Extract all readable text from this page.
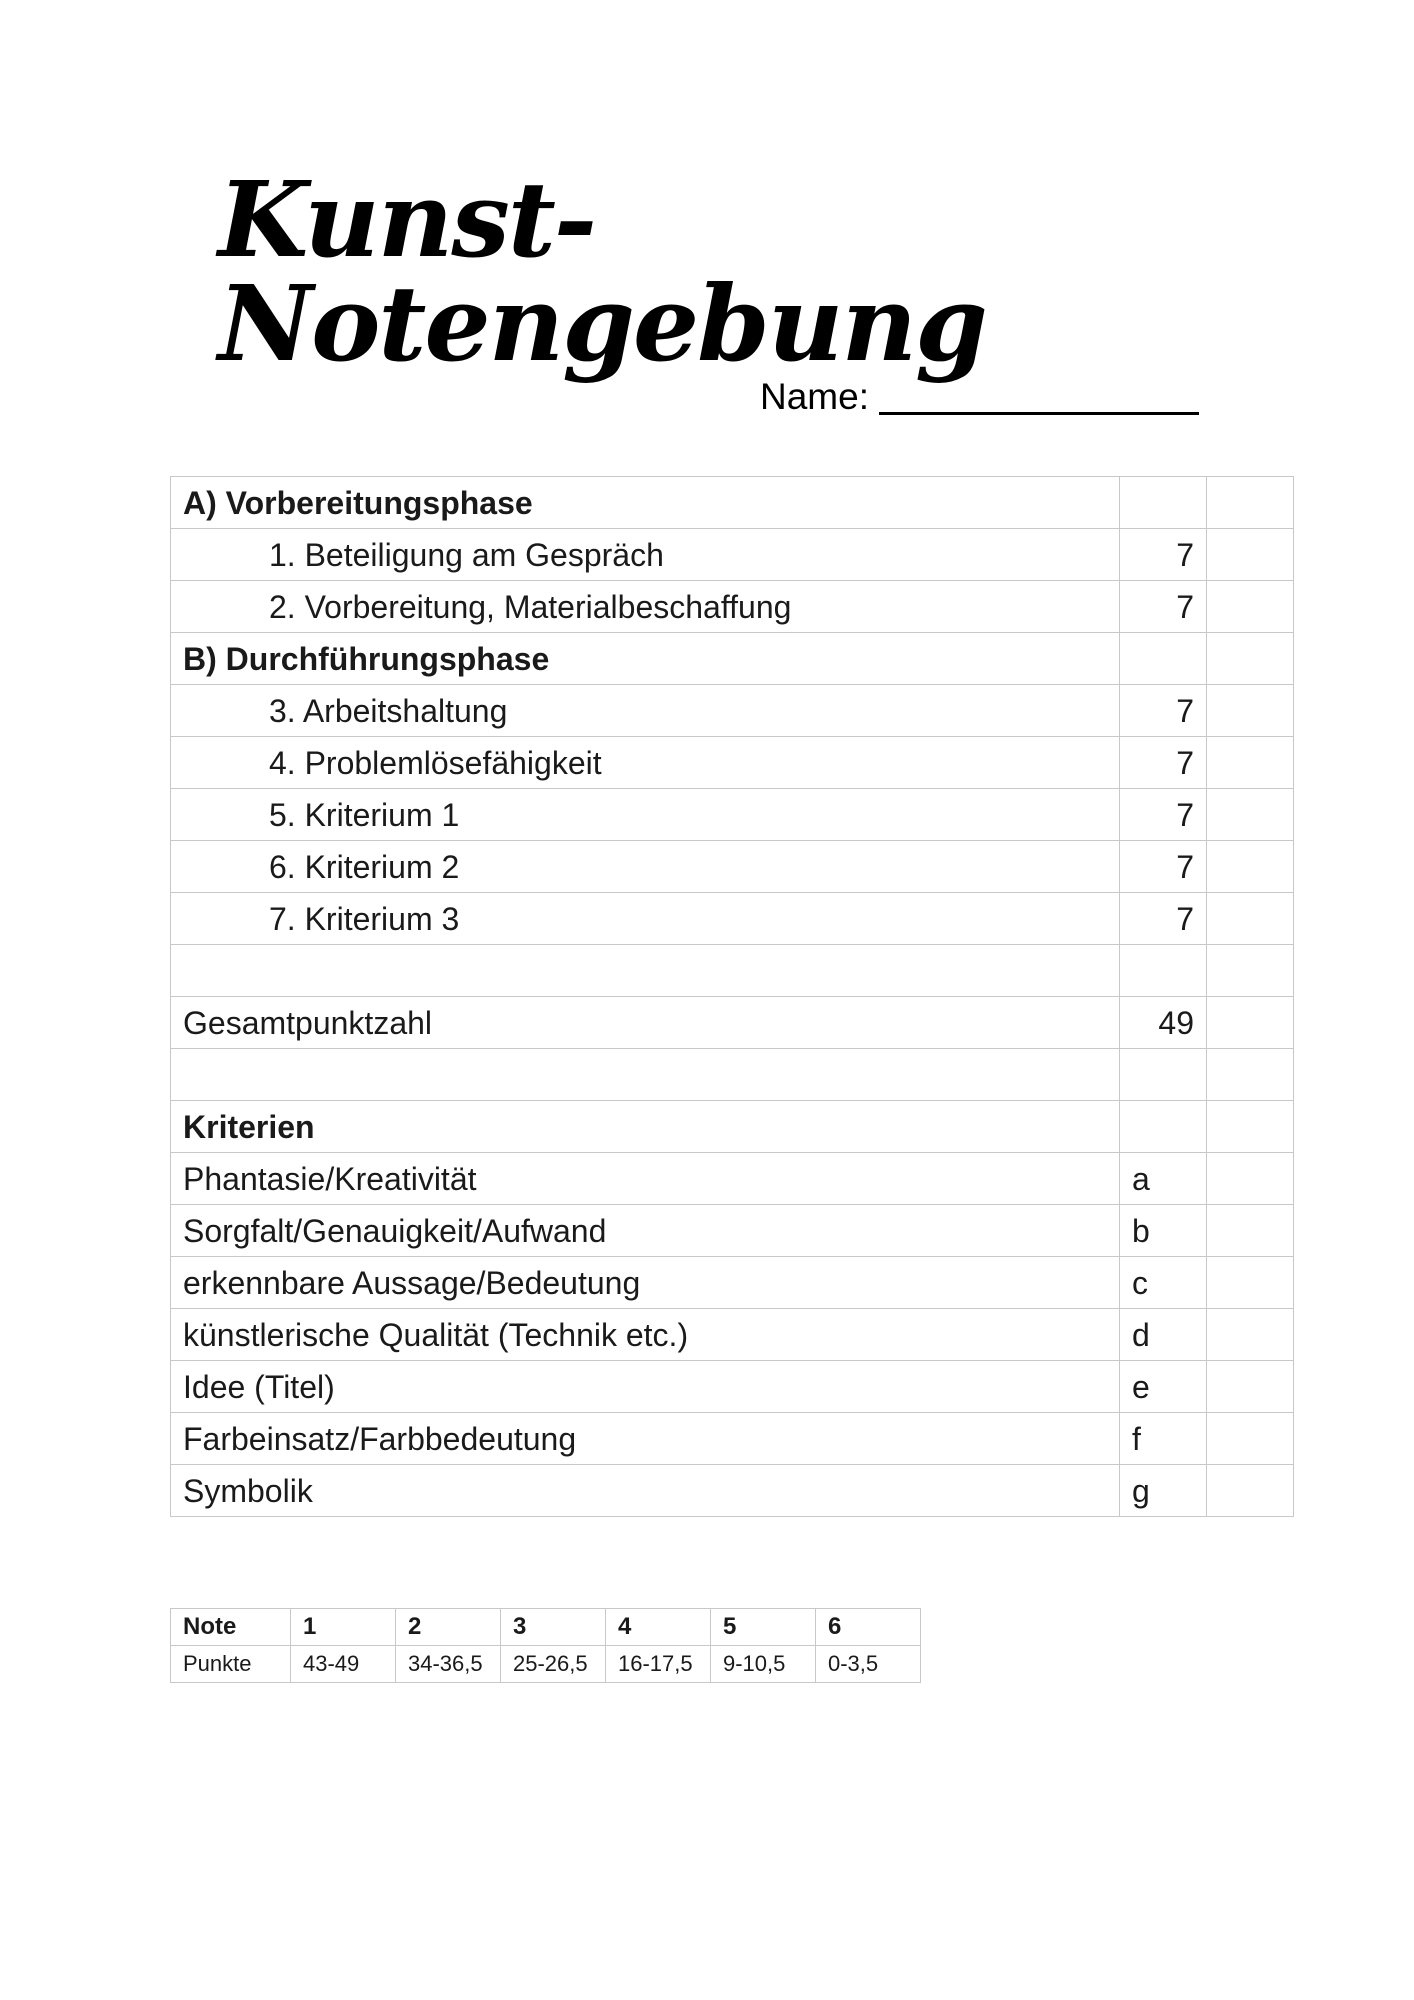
Kunst-Notengebung
Name:
A) Vorbereitungsphase		
1. Beteiligung am Gespräch	7	
2. Vorbereitung, Materialbeschaffung	7	
B) Durchführungsphase		
3. Arbeitshaltung	7	
4. Problemlösefähigkeit	7	
5. Kriterium 1	7	
6. Kriterium 2	7	
7. Kriterium 3	7	

Gesamtpunktzahl	49	

Kriterien		
Phantasie/Kreativität	a	
Sorgfalt/Genauigkeit/Aufwand	b	
erkennbare Aussage/Bedeutung	c	
künstlerische Qualität (Technik etc.)	d	
Idee (Titel)	e	
Farbeinsatz/Farbbedeutung	f	
Symbolik	g	
Note	1	2	3	4	5	6
Punkte	43-49	34-36,5	25-26,5	16-17,5	9-10,5	0-3,5
